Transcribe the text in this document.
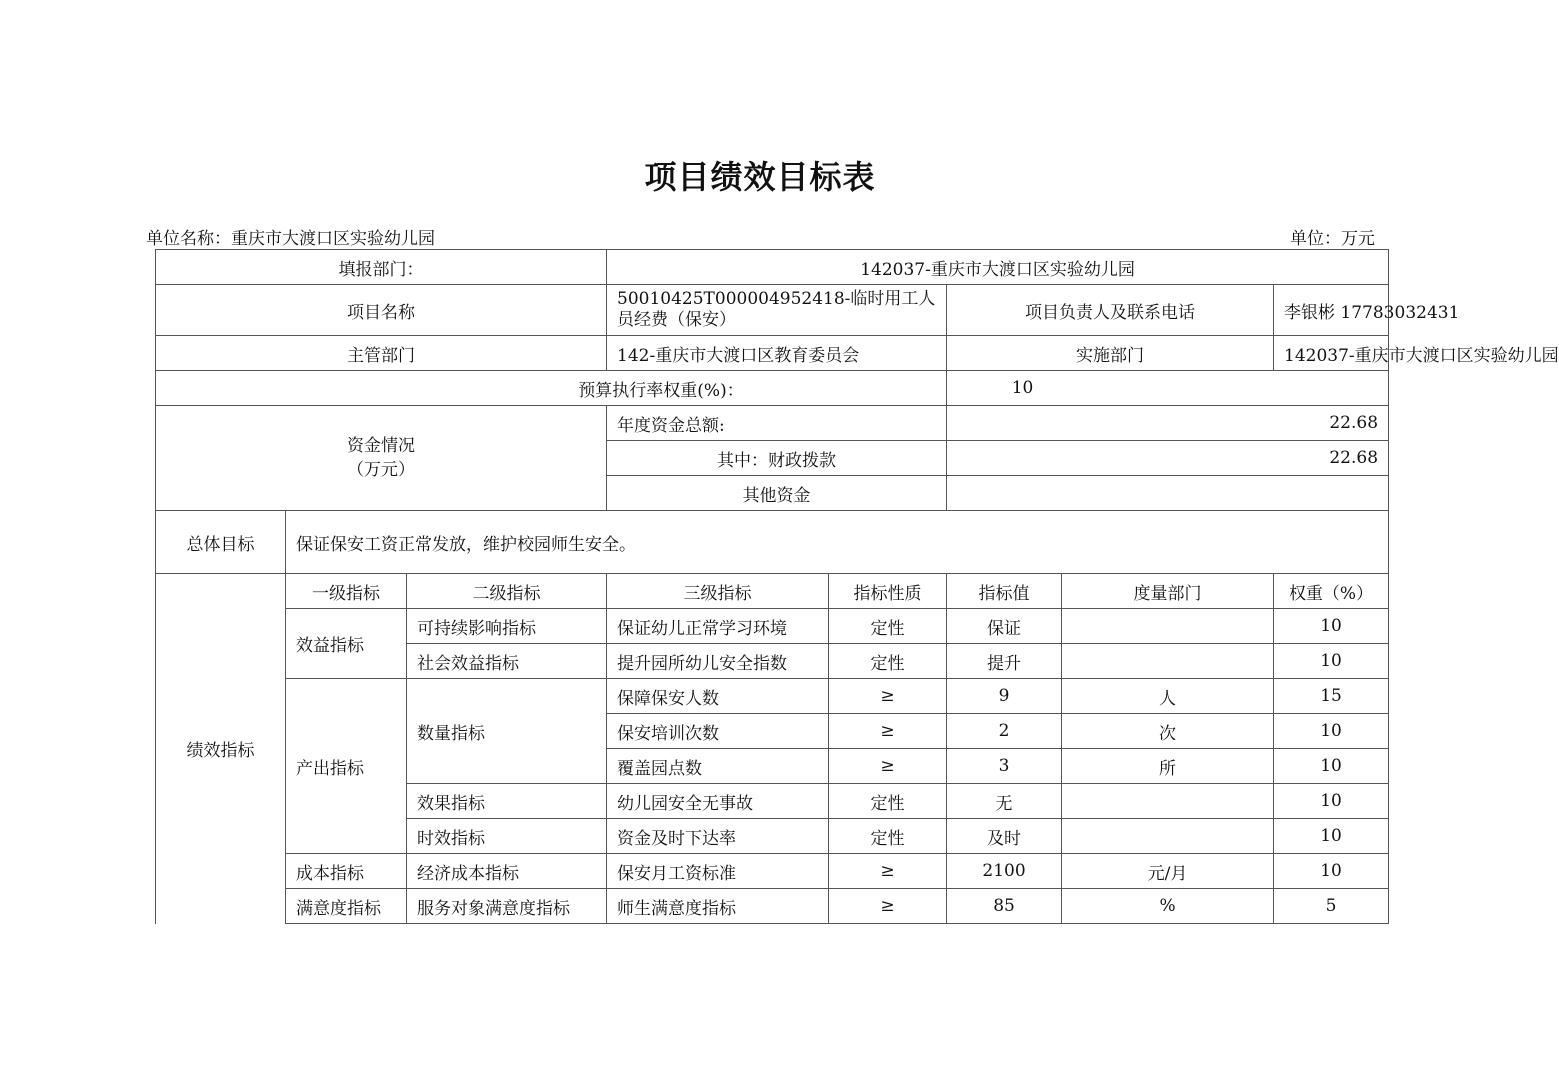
项目绩效目标表
单位名称：重庆市大渡口区实验幼儿园	单位：万元
填报部门：			142037-重庆市大渡口区实验幼儿园				
项目名称			50010425T000004952418-临时用工人员经费（保安）		项目负责人及联系电话		李银彬 17783032431
主管部门			142-重庆市大渡口区教育委员会		实施部门		142037-重庆市大渡口区实验幼儿园
预算执行率权重(%)：					10		
资金情况（万元）			年度资金总额:		22.68		
			其中：财政拨款		22.68		
			其他资金				
总体目标	保证保安工资正常发放，维护校园师生安全。						
绩效指标	一级指标	二级指标	三级指标	指标性质	指标值	度量部门	权重（%）
	效益指标	可持续影响指标	保证幼儿正常学习环境	定性	保证		10
		社会效益指标	提升园所幼儿安全指数	定性	提升		10
	产出指标	数量指标	保障保安人数	≥	9	人	15
			保安培训次数	≥	2	次	10
			覆盖园点数	≥	3	所	10
		效果指标	幼儿园安全无事故	定性	无		10
		时效指标	资金及时下达率	定性	及时		10
	成本指标	经济成本指标	保安月工资标准	≥	2100	元/月	10
	满意度指标	服务对象满意度指标	师生满意度指标	≥	85	%	5
